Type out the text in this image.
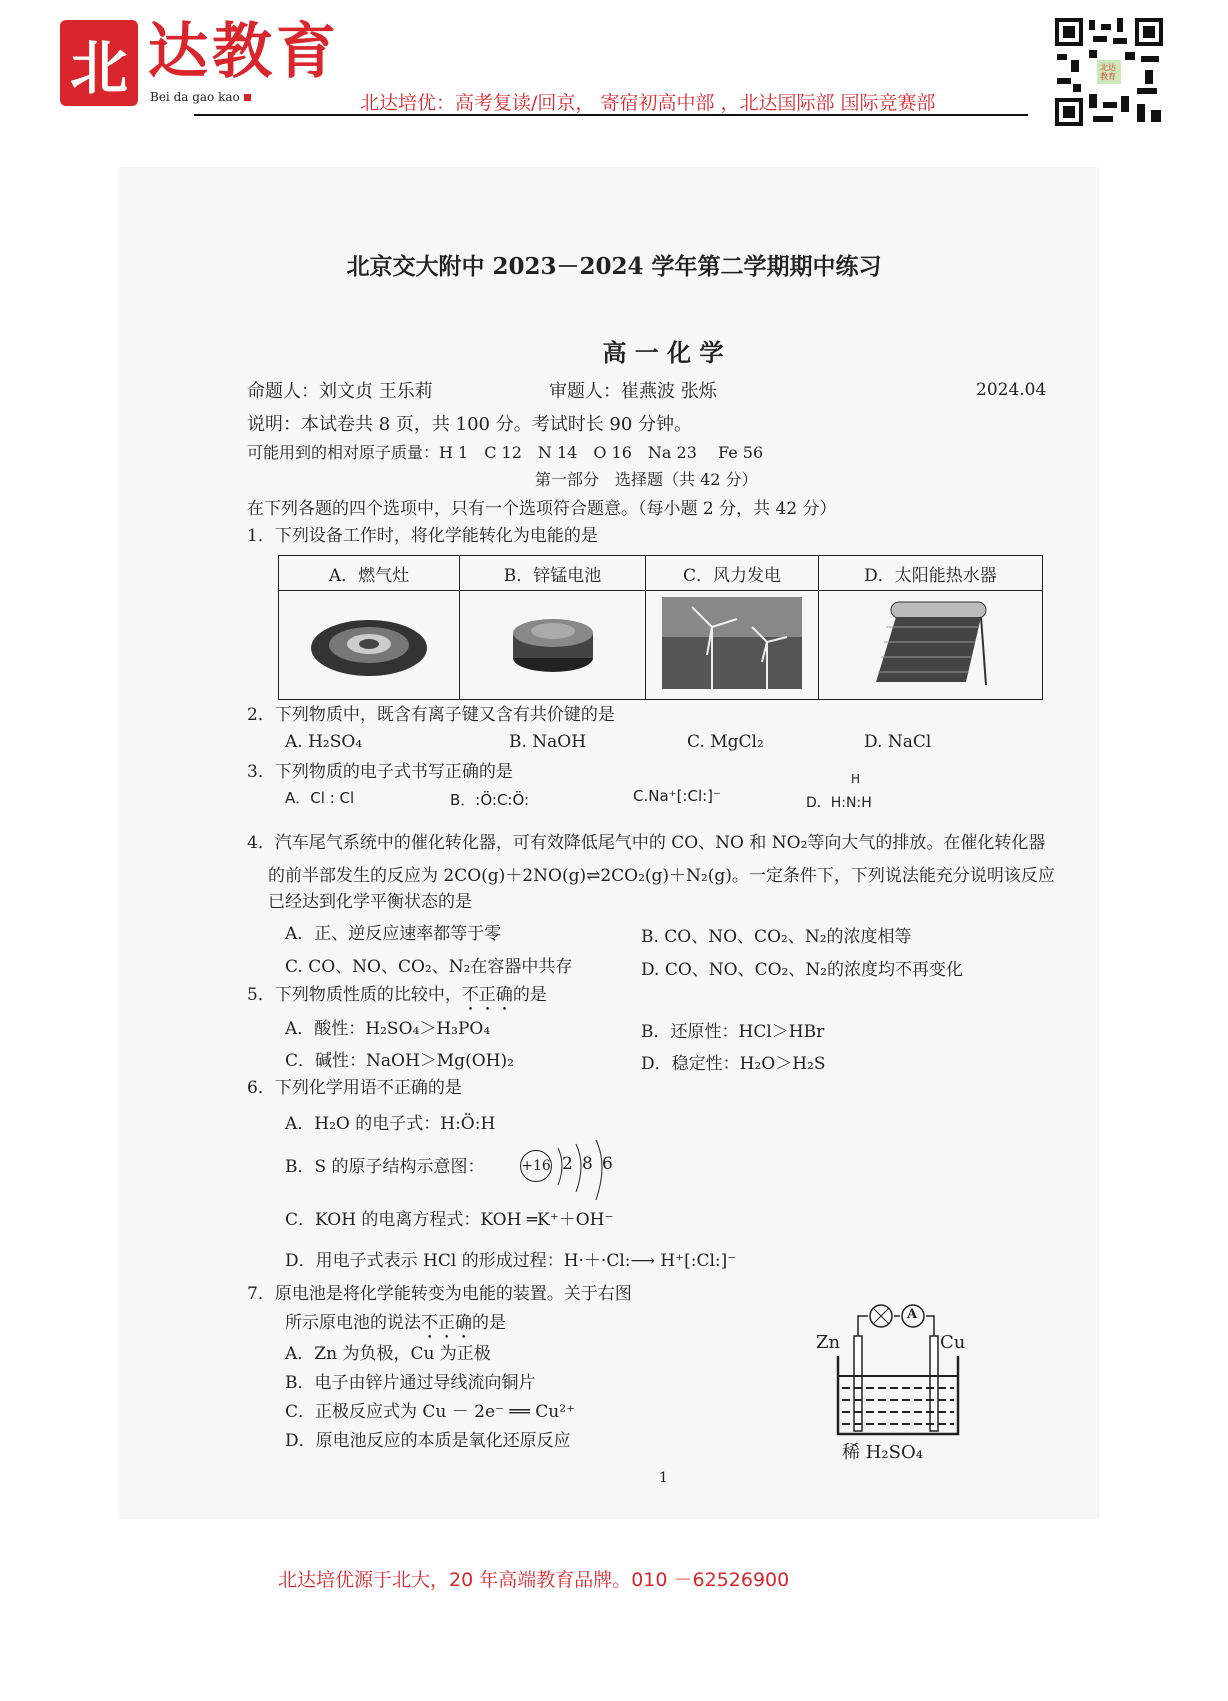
北 达教育
Bei da gao kao	北达培优：高考复读/回京， 寄宿初高中部 ，北达国际部 国际竞赛部
北达教育
北京交大附中 2023－2024 学年第二学期期中练习
高 一 化 学
命题人：刘文贞 王乐莉	审题人：崔燕波 张烁	2024.04
说明：本试卷共 8 页，共 100 分。考试时长 90 分钟。
可能用到的相对原子质量：H 1　C 12　N 14　O 16　Na 23　 Fe 56
第一部分　选择题（共 42 分）
在下列各题的四个选项中，只有一个选项符合题意。（每小题 2 分，共 42 分）
1．下列设备工作时，将化学能转化为电能的是
A．燃气灶	B．锌锰电池	C．风力发电	D．太阳能热水器

2．下列物质中，既含有离子键又含有共价键的是
A. H₂SO₄	B. NaOH	C. MgCl₂	D. NaCl
3．下列物质的电子式书写正确的是
A．Cl : Cl	B．:Ö:C:Ö:	C.Na⁺[:Cl:]⁻
H
D．H:N:H
4．汽车尾气系统中的催化转化器，可有效降低尾气中的 CO、NO 和 NO₂等向大气的排放。在催化转化器
的前半部发生的反应为 2CO(g)＋2NO(g)⇌2CO₂(g)＋N₂(g)。一定条件下，下列说法能充分说明该反应
已经达到化学平衡状态的是
A．正、逆反应速率都等于零	B. CO、NO、CO₂、N₂的浓度相等
C. CO、NO、CO₂、N₂在容器中共存	D. CO、NO、CO₂、N₂的浓度均不再变化
5．下列物质性质的比较中，不正确的是
A．酸性：H₂SO₄＞H₃PO₄	B．还原性：HCl＞HBr
C．碱性：NaOH＞Mg(OH)₂	D．稳定性：H₂O＞H₂S
6．下列化学用语不正确的是
A．H₂O 的电子式：H:Ö:H
B．S 的原子结构示意图：	+16 2 8 6
C．KOH 的电离方程式：KOH ═K⁺＋OH⁻
D．用电子式表示 HCl 的形成过程：H·＋·Cl:⟶ H⁺[:Cl:]⁻
7．原电池是将化学能转变为电能的装置。关于右图
所示原电池的说法不正确的是
A．Zn 为负极，Cu 为正极
B．电子由锌片通过导线流向铜片
C．正极反应式为 Cu － 2e⁻ ══ Cu²⁺
D．原电池反应的本质是氧化还原反应
A
Zn	Cu
稀 H₂SO₄
1
北达培优源于北大，20 年高端教育品牌。010 －62526900
